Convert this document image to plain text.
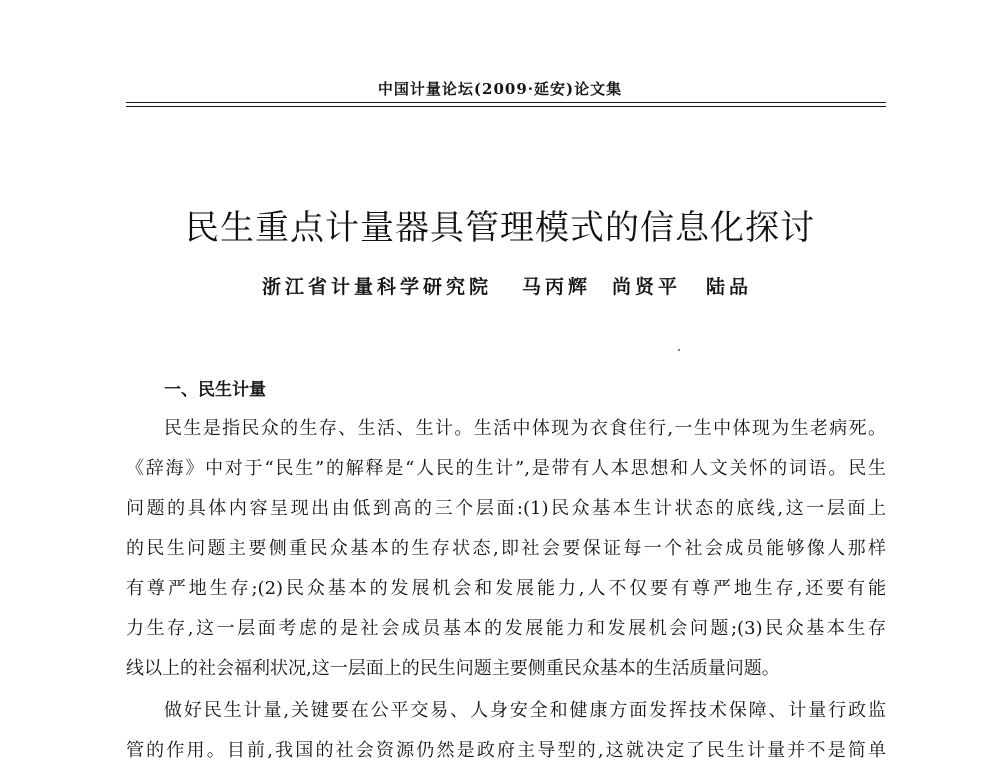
中国计量论坛(2009·延安)论文集
民生重点计量器具管理模式的信息化探讨
浙江省计量科学研究院 马丙辉 尚贤平 陆品
一、民生计量
民生是指民众的生存、生活、生计。生活中体现为衣食住行,一生中体现为生老病死。
《辞海》中对于“民生”的解释是“人民的生计”,是带有人本思想和人文关怀的词语。民生
问题的具体内容呈现出由低到高的三个层面:(1)民众基本生计状态的底线,这一层面上
的民生问题主要侧重民众基本的生存状态,即社会要保证每一个社会成员能够像人那样
有尊严地生存;(2)民众基本的发展机会和发展能力,人不仅要有尊严地生存,还要有能
力生存,这一层面考虑的是社会成员基本的发展能力和发展机会问题;(3)民众基本生存
线以上的社会福利状况,这一层面上的民生问题主要侧重民众基本的生活质量问题。
做好民生计量,关键要在公平交易、人身安全和健康方面发挥技术保障、计量行政监
管的作用。目前,我国的社会资源仍然是政府主导型的,这就决定了民生计量并不是简单
